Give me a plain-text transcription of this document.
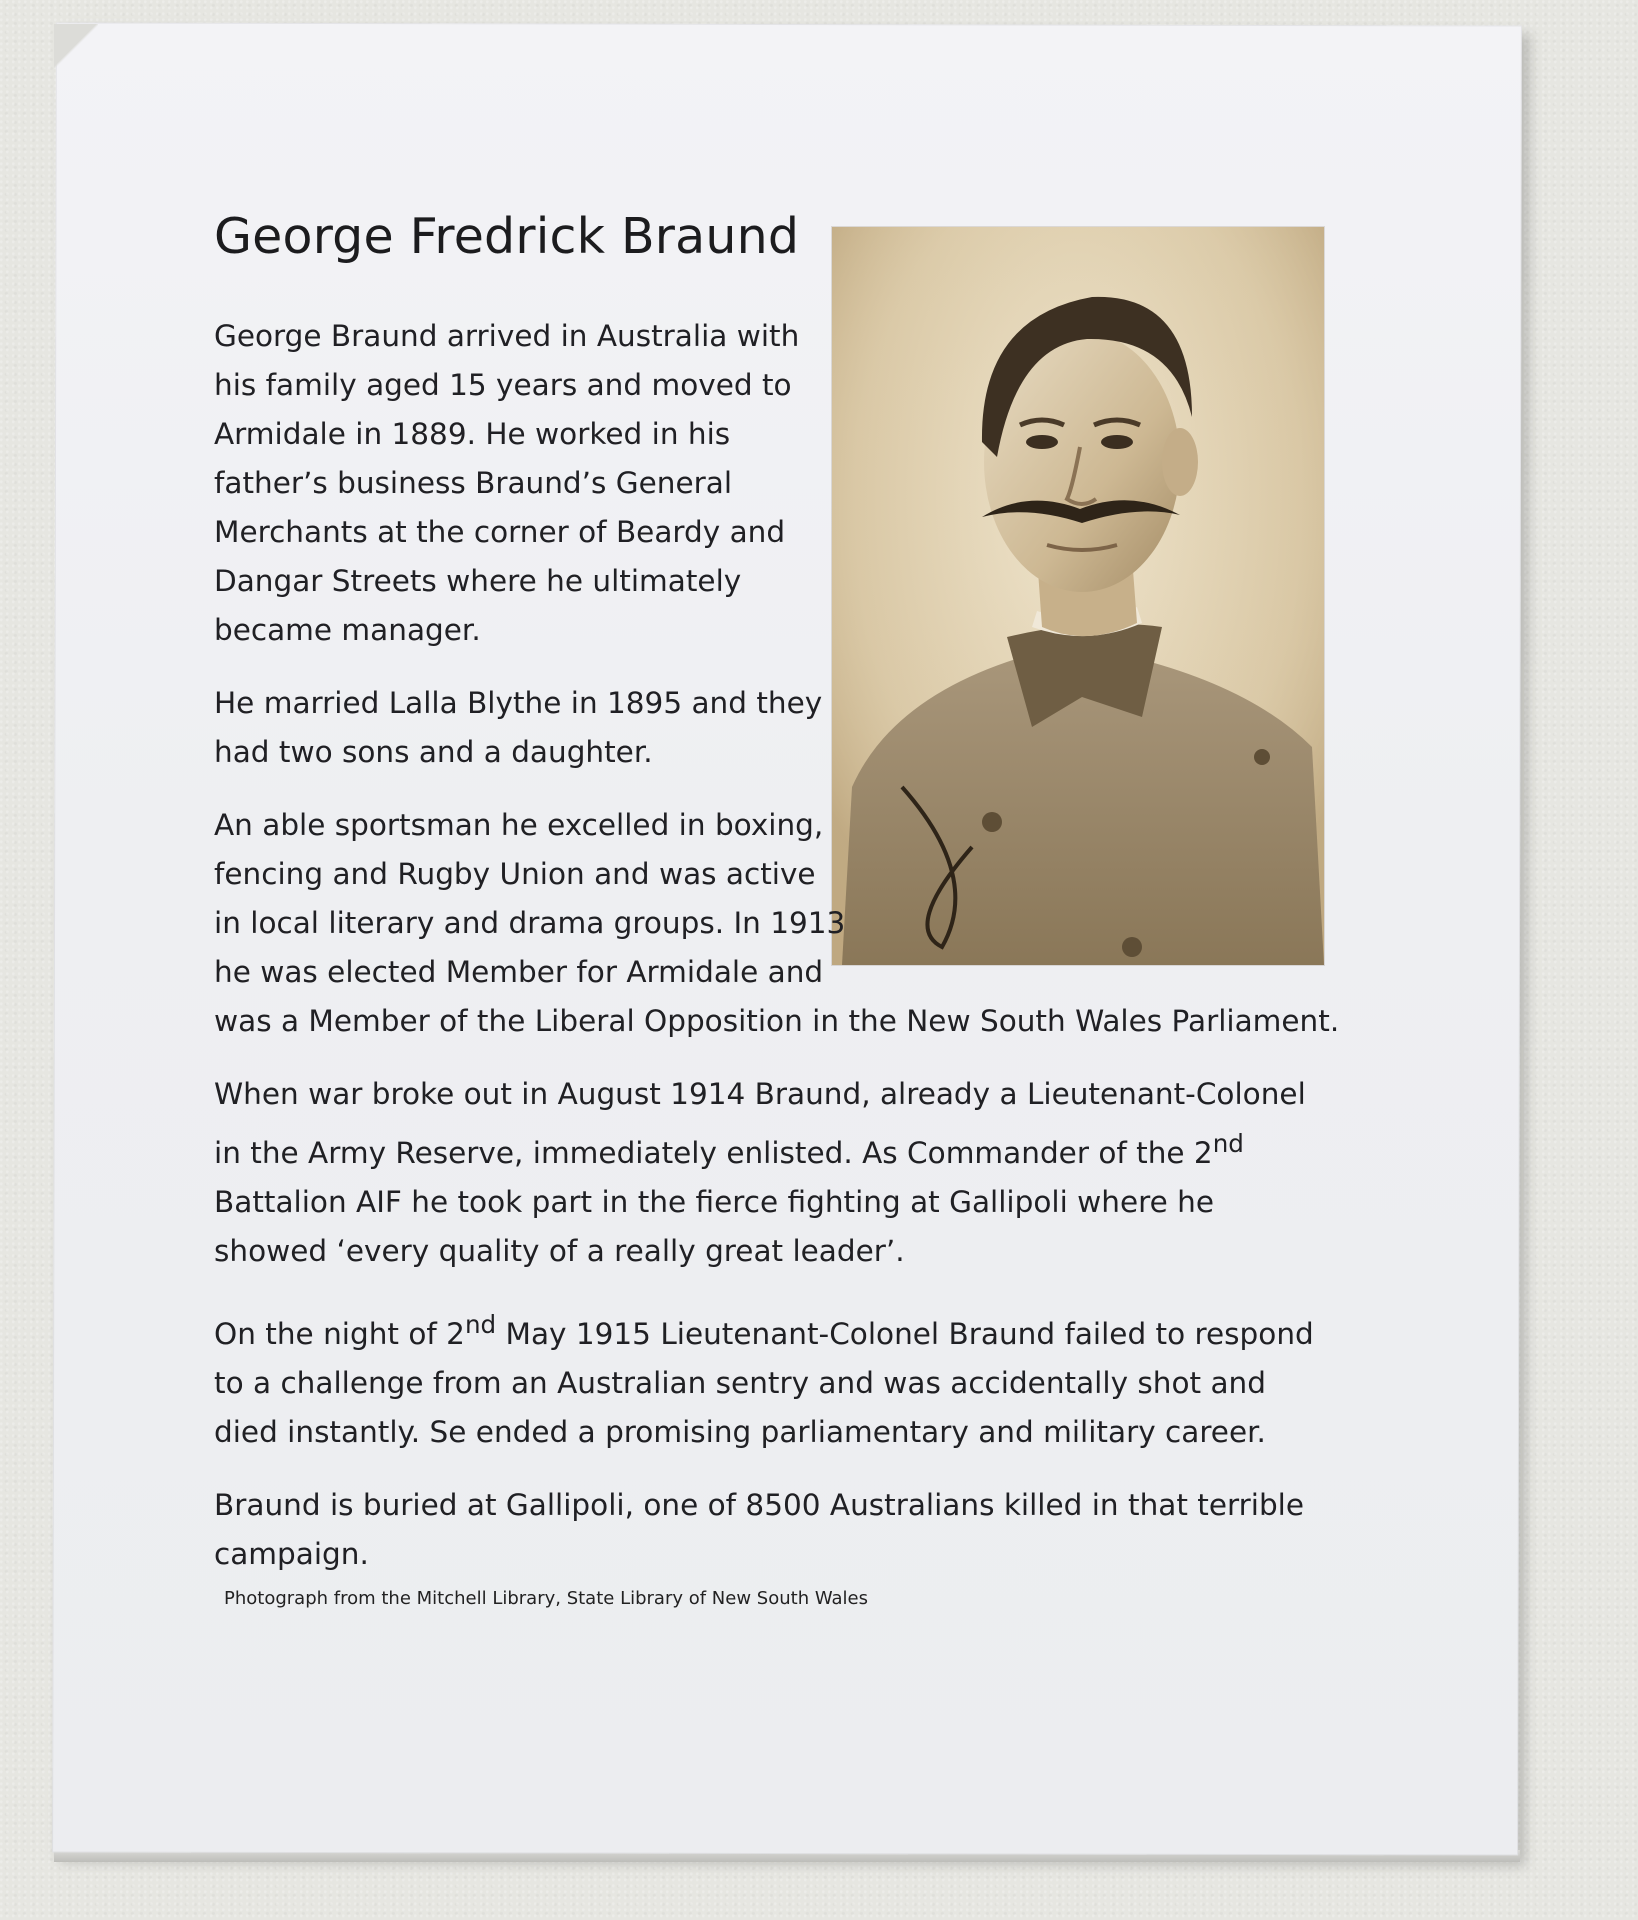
George Fredrick Braund

George Braund arrived in Australia with his family aged 15 years and moved to Armidale in 1889. He worked in his father’s business Braund’s General Merchants at the corner of Beardy and Dangar Streets where he ultimately became manager.

He married Lalla Blythe in 1895 and they had two sons and a daughter.

An able sportsman he excelled in boxing,
fencing and Rugby Union and was active
in local literary and drama groups. In 1913
he was elected Member for Armidale and
was a Member of the Liberal Opposition in the New South Wales Parliament.

When war broke out in August 1914 Braund, already a Lieutenant-Colonel in the Army Reserve, immediately enlisted. As Commander of the 2nd Battalion AIF he took part in the fierce fighting at Gallipoli where he showed ‘every quality of a really great leader’.

On the night of 2nd May 1915 Lieutenant-Colonel Braund failed to respond to a challenge from an Australian sentry and was accidentally shot and died instantly. Se ended a promising parliamentary and military career.

Braund is buried at Gallipoli, one of 8500 Australians killed in that terrible campaign.

Photograph from the Mitchell Library, State Library of New South Wales
